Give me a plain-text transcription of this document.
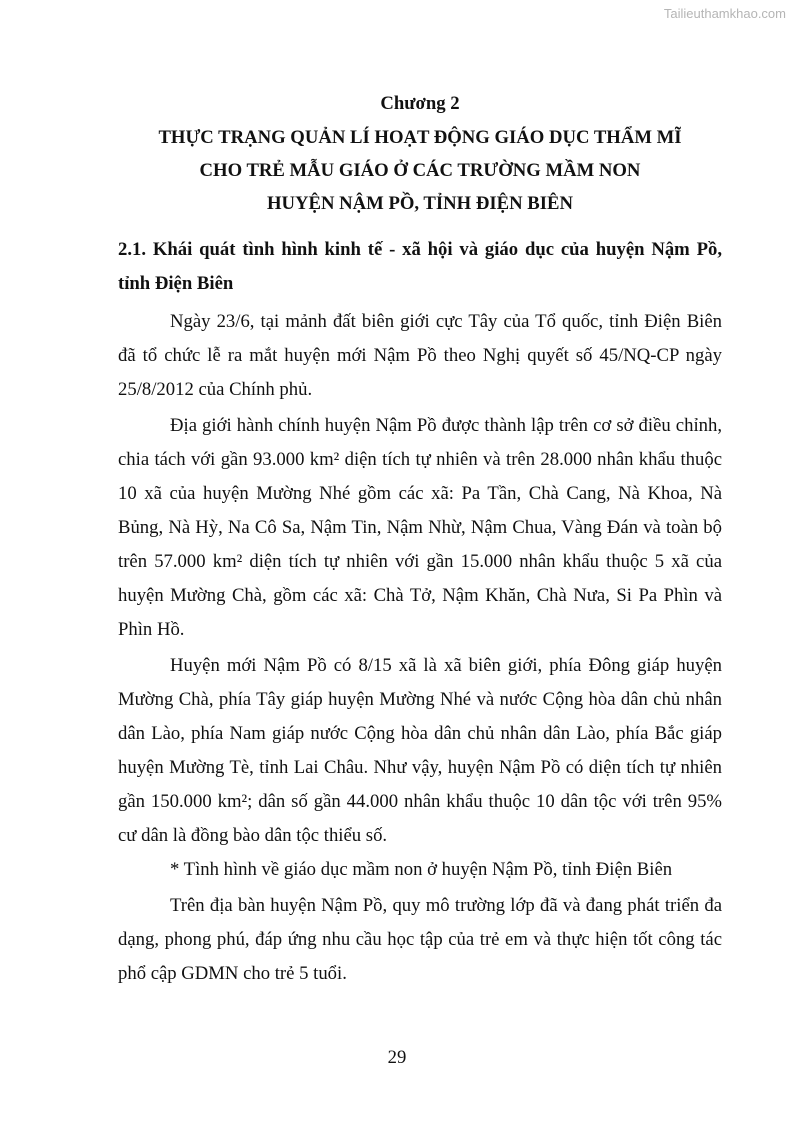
Tailieuthamkhao.com
Chương 2
THỰC TRẠNG QUẢN LÍ HOẠT ĐỘNG GIÁO DỤC THẨM MĨ
CHO TRẺ MẪU GIÁO Ở CÁC TRƯỜNG MẦM NON
HUYỆN NẬM PỒ, TỈNH ĐIỆN BIÊN
2.1. Khái quát tình hình kinh tế - xã hội và giáo dục của huyện Nậm Pồ,
tỉnh Điện Biên
Ngày 23/6, tại mảnh đất biên giới cực Tây của Tổ quốc, tỉnh Điện Biên
đã tổ chức lễ ra mắt huyện mới Nậm Pồ theo Nghị quyết số 45/NQ-CP ngày
25/8/2012 của Chính phủ.
Địa giới hành chính huyện Nậm Pồ được thành lập trên cơ sở điều chỉnh,
chia tách với gần 93.000 km² diện tích tự nhiên và trên 28.000 nhân khẩu thuộc
10 xã của huyện Mường Nhé gồm các xã: Pa Tần, Chà Cang, Nà Khoa, Nà
Bủng, Nà Hỳ, Na Cô Sa, Nậm Tin, Nậm Nhừ, Nậm Chua, Vàng Đán và toàn bộ
trên 57.000 km² diện tích tự nhiên với gần 15.000 nhân khẩu thuộc 5 xã của
huyện Mường Chà, gồm các xã: Chà Tở, Nậm Khăn, Chà Nưa, Si Pa Phìn và
Phìn Hồ.
Huyện mới Nậm Pồ có 8/15 xã là xã biên giới, phía Đông giáp huyện
Mường Chà, phía Tây giáp huyện Mường Nhé và nước Cộng hòa dân chủ nhân
dân Lào, phía Nam giáp nước Cộng hòa dân chủ nhân dân Lào, phía Bắc giáp
huyện Mường Tè, tỉnh Lai Châu. Như vậy, huyện Nậm Pồ có diện tích tự nhiên
gần 150.000 km²; dân số gần 44.000 nhân khẩu thuộc 10 dân tộc với trên 95%
cư dân là đồng bào dân tộc thiểu số.
* Tình hình về giáo dục mầm non ở huyện Nậm Pồ, tỉnh Điện Biên
Trên địa bàn huyện Nậm Pồ, quy mô trường lớp đã và đang phát triển đa
dạng, phong phú, đáp ứng nhu cầu học tập của trẻ em và thực hiện tốt công tác
phổ cập GDMN cho trẻ 5 tuổi.
29
